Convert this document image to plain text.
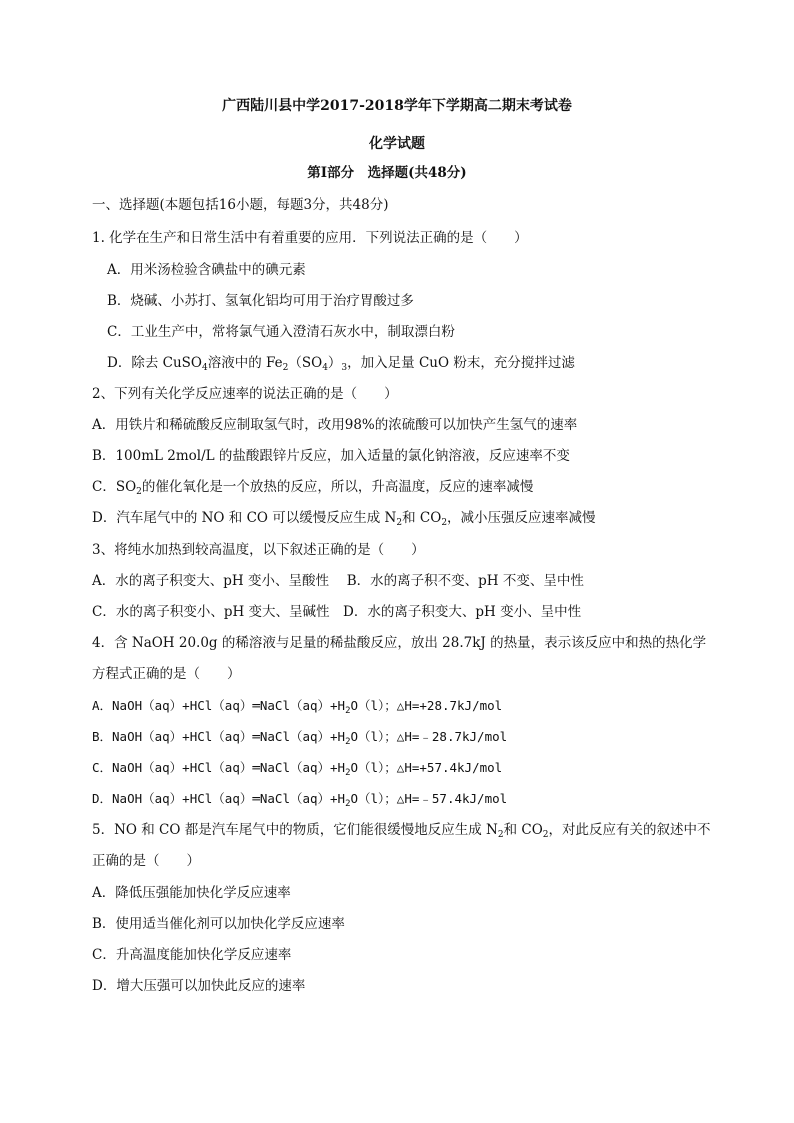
广西陆川县中学2017-2018学年下学期高二期末考试卷
化学试题
第Ⅰ部分　选择题(共48分)
一、选择题(本题包括16小题，每题3分，共48分)
1. 化学在生产和日常生活中有着重要的应用．下列说法正确的是（　　）
A．用米汤检验含碘盐中的碘元素
B．烧碱、小苏打、氢氧化铝均可用于治疗胃酸过多
C．工业生产中，常将氯气通入澄清石灰水中，制取漂白粉
D．除去 CuSO$_4$溶液中的 $Fe_2(SO_4)_3$，加入足量 CuO 粉末，充分搅拌过滤
2、下列有关化学反应速率的说法正确的是（　　）
A．用铁片和稀硫酸反应制取氢气时，改用98%的浓硫酸可以加快产生氢气的速率
B．100mL 2mol/L 的盐酸跟锌片反应，加入适量的氯化钠溶液，反应速率不变
C．$SO_2$的催化氧化是一个放热的反应，所以，升高温度，反应的速率减慢
D．汽车尾气中的 NO 和 CO 可以缓慢反应生成 $N_2$和 $CO_2$，减小压强反应速率减慢
3、将纯水加热到较高温度，以下叙述正确的是（　　）
A．水的离子积变大、pH 变小、呈酸性　 B．水的离子积不变、pH 不变、呈中性
C．水的离子积变小、pH 变大、呈碱性　D．水的离子积变大、pH 变小、呈中性
4．含 NaOH 20.0g 的稀溶液与足量的稀盐酸反应，放出 28.7kJ 的热量，表示该反应中和热的热化学
方程式正确的是（　　）
A．$NaOH(aq)+HCl(aq)═NaCl(aq)+H_2O(l)$；△H=+28.7kJ/mol
B．$NaOH(aq)+HCl(aq)═NaCl(aq)+H_2O(l)$；△H=﹣28.7kJ/mol
C．$NaOH(aq)+HCl(aq)═NaCl(aq)+H_2O(l)$；△H=+57.4kJ/mol
D．$NaOH(aq)+HCl(aq)═NaCl(aq)+H_2O(l)$；△H=﹣57.4kJ/mol
5．NO 和 CO 都是汽车尾气中的物质，它们能很缓慢地反应生成 $N_2$和 $CO_2$，对此反应有关的叙述中不
正确的是（　　）
A．降低压强能加快化学反应速率
B．使用适当催化剂可以加快化学反应速率
C．升高温度能加快化学反应速率
D．增大压强可以加快此反应的速率
